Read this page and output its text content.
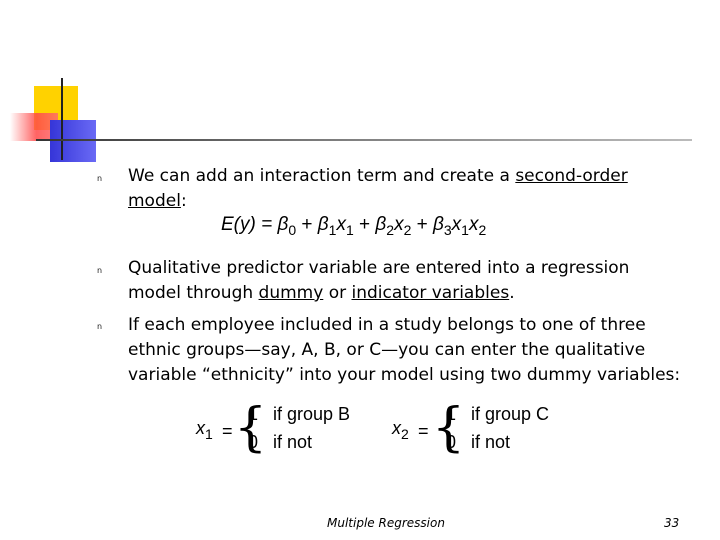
n We can add an interaction term and create a second-order model:
$E(y) = \beta_0 + \beta_1x_1 + \beta_2x_2 + \beta_3x_1x_2$
n Qualitative predictor variable are entered into a regression model through dummy or indicator variables.
n If each employee included in a study belongs to one of three ethnic groups—say, A, B, or C—you can enter the qualitative variable “ethnicity” into your model using two dummy variables:
$x_1$ = {
1   if group B
0   if not
$x_2$ = {
1   if group C
0   if not
Multiple Regression	33
